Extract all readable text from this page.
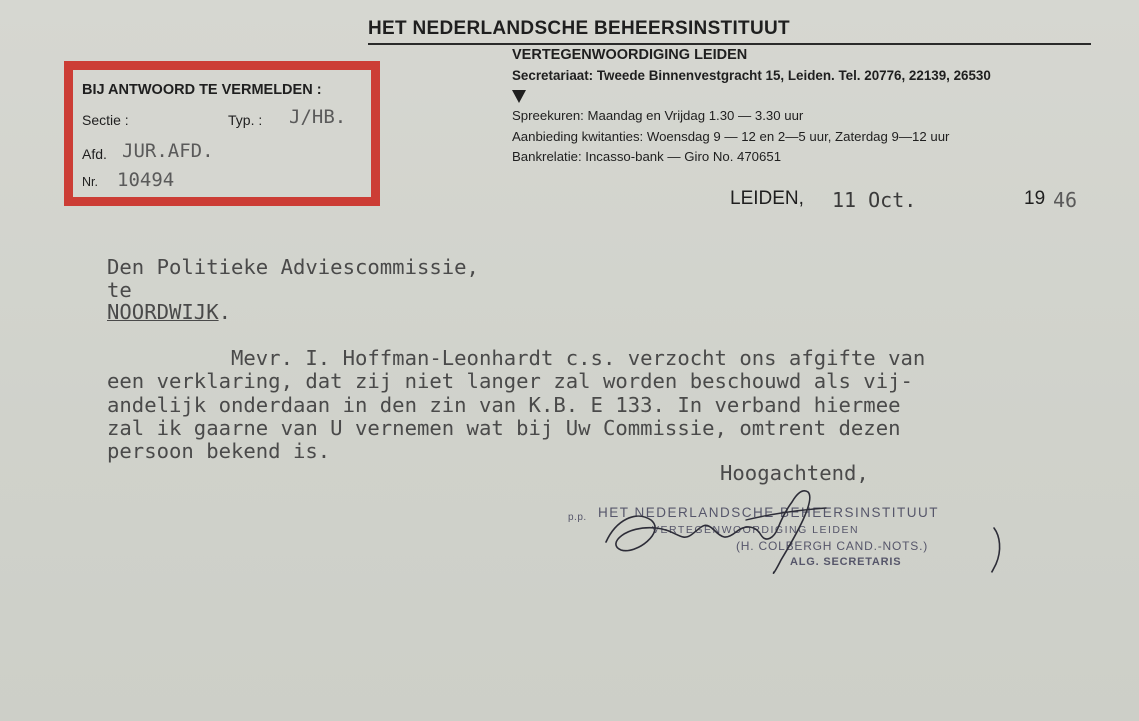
HET NEDERLANDSCHE BEHEERSINSTITUUT
VERTEGENWOORDIGING LEIDEN
Secretariaat: Tweede Binnenvestgracht 15, Leiden. Tel. 20776, 22139, 26530
Spreekuren: Maandag en Vrijdag 1.30 — 3.30 uur
Aanbieding kwitanties: Woensdag 9 — 12 en 2—5 uur, Zaterdag 9—12 uur
Bankrelatie: Incasso-bank — Giro No. 470651
BIJ ANTWOORD TE VERMELDEN :
Sectie :	Typ. : J/HB.
Afd. JUR.AFD.
Nr. 10494
LEIDEN, 11 Oct.	19 46
Den Politieke Adviescommissie,
te
NOORDWIJK.
Mevr. I. Hoffman-Leonhardt c.s. verzocht ons afgifte van
een verklaring, dat zij niet langer zal worden beschouwd als vij-
andelijk onderdaan in den zin van K.B. E 133. In verband hiermee
zal ik gaarne van U vernemen wat bij Uw Commissie, omtrent dezen
persoon bekend is.
Hoogachtend,
p.p. HET NEDERLANDSCHE BEHEERSINSTITUUT
VERTEGENWOORDIGING LEIDEN
(H. COLBERGH CAND.-NOTS.)
ALG. SECRETARIS
